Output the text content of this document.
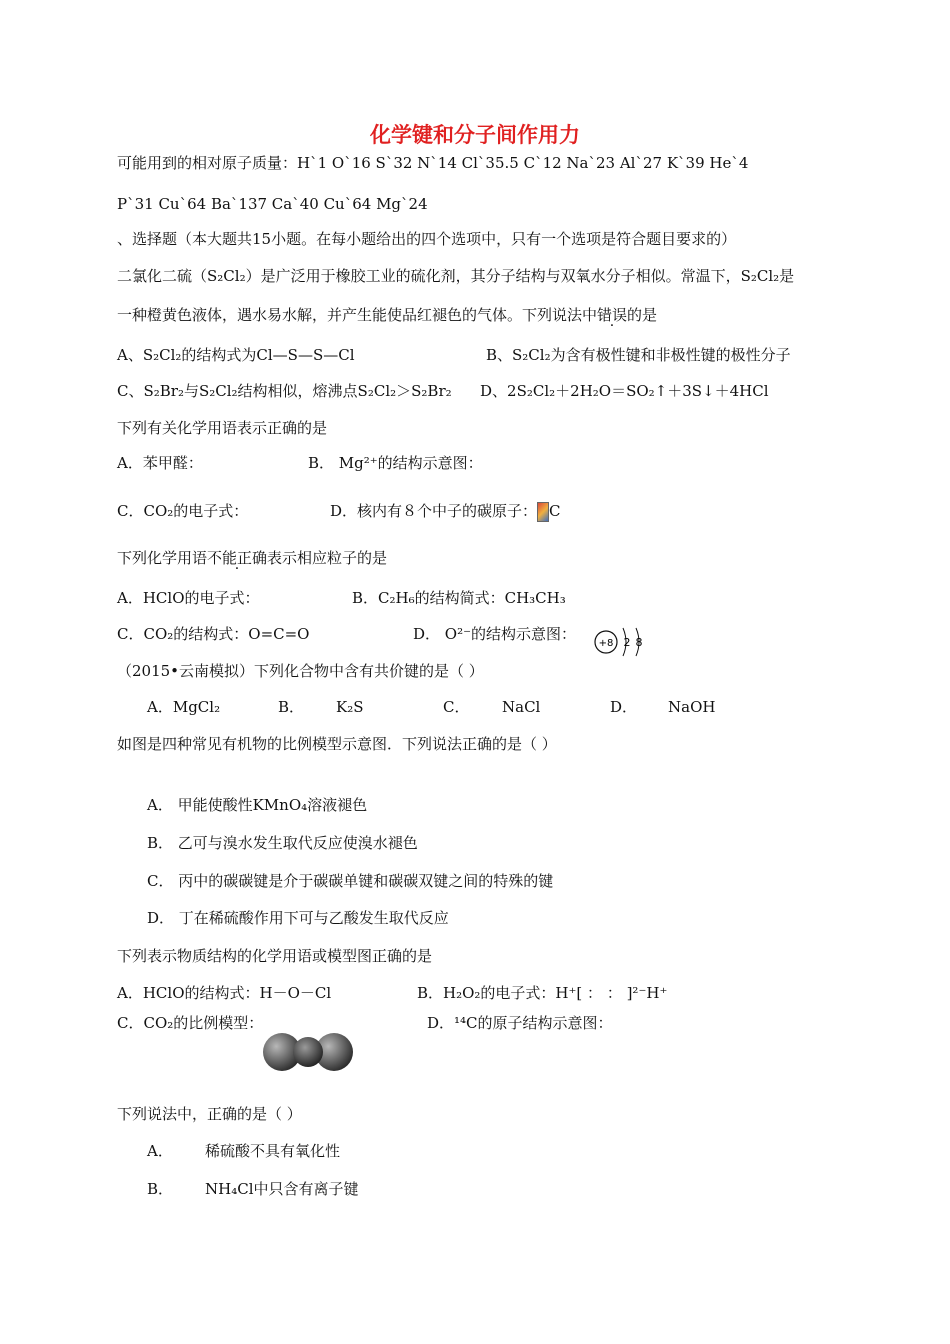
化学键和分子间作用力
可能用到的相对原子质量：H`1 O`16 S`32 N`14 Cl`35.5 C`12 Na`23 Al`27 K`39 He`4
P`31 Cu`64 Ba`137 Ca`40 Cu`64 Mg`24
、选择题（本大题共15小题。在每小题给出的四个选项中，只有一个选项是符合题目要求的）
二氯化二硫（S₂Cl₂）是广泛用于橡胶工业的硫化剂，其分子结构与双氧水分子相似。常温下，S₂Cl₂是
一种橙黄色液体，遇水易水解，并产生能使品红褪色的气体。下列说法中错误的是
A、S₂Cl₂的结构式为Cl—S—S—Cl	B、S₂Cl₂为含有极性键和非极性键的极性分子
C、S₂Br₂与S₂Cl₂结构相似，熔沸点S₂Cl₂＞S₂Br₂ D、2S₂Cl₂＋2H₂O＝SO₂↑＋3S↓＋4HCl
下列有关化学用语表示正确的是
A．苯甲醛：	B． Mg²⁺的结构示意图：
C．CO₂的电子式：	D．核内有８个中子的碳原子： C
下列化学用语不能正确表示相应粒子的是
A．HClO的电子式：	B．C₂H₆的结构简式：CH₃CH₃
C．CO₂的结构式：O=C=O	D． O²⁻的结构示意图：
+8 2 8
（2015•云南模拟）下列化合物中含有共价键的是（ ）
A．MgCl₂	B． K₂S	C． NaCl	D． NaOH
如图是四种常见有机物的比例模型示意图．下列说法正确的是（ ）
A． 甲能使酸性KMnO₄溶液褪色
B． 乙可与溴水发生取代反应使溴水褪色
C． 丙中的碳碳键是介于碳碳单键和碳碳双键之间的特殊的键
D． 丁在稀硫酸作用下可与乙酸发生取代反应
下列表示物质结构的化学用语或模型图正确的是
A．HClO的结构式：H－O－Cl	B．H₂O₂的电子式：H⁺[ ： ： ]²⁻H⁺
C．CO₂的比例模型：	D．¹⁴C的原子结构示意图：
下列说法中，正确的是（ ）
A． 稀硫酸不具有氧化性
B． NH₄Cl中只含有离子键
